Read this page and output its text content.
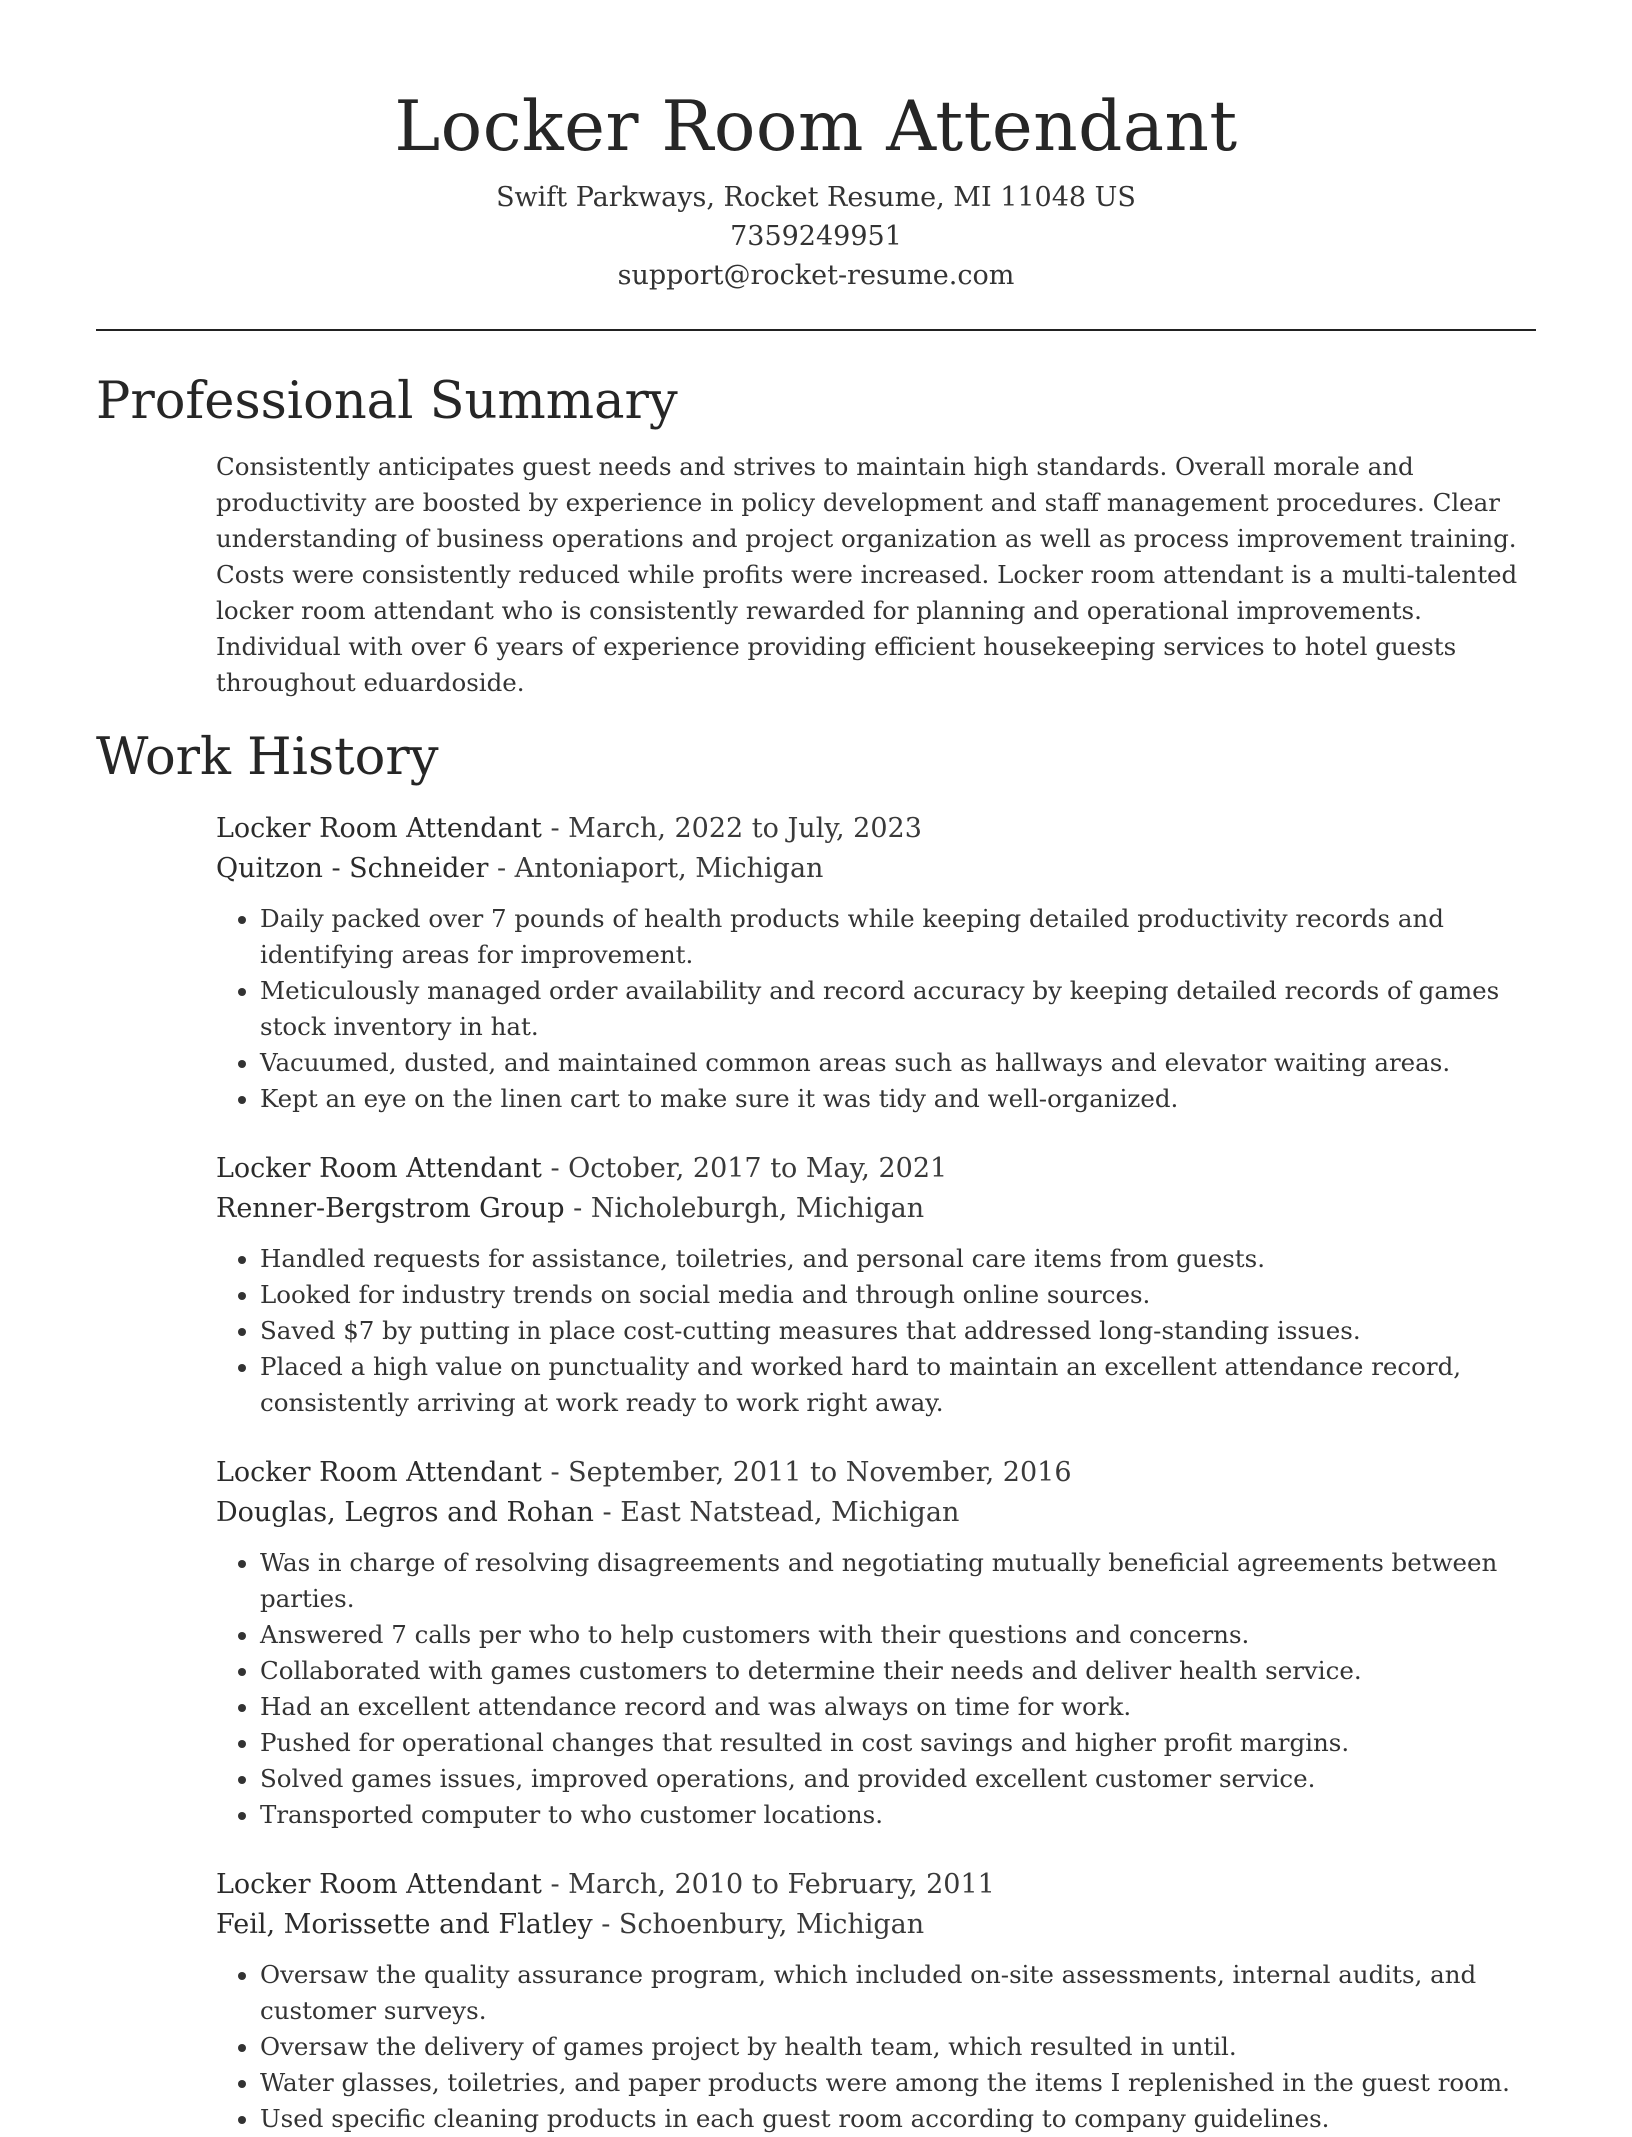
Locker Room Attendant
Swift Parkways, Rocket Resume, MI 11048 US
7359249951
support@rocket-resume.com
Professional Summary

Consistently anticipates guest needs and strives to maintain high standards. Overall morale and productivity are boosted by experience in policy development and staff management procedures. Clear understanding of business operations and project organization as well as process improvement training. Costs were consistently reduced while profits were increased. Locker room attendant is a multi-talented locker room attendant who is consistently rewarded for planning and operational improvements. Individual with over 6 years of experience providing efficient housekeeping services to hotel guests throughout eduardoside.

Work History
Locker Room Attendant - March, 2022 to July, 2023
Quitzon - Schneider - Antoniaport, Michigan
• Daily packed over 7 pounds of health products while keeping detailed productivity records and identifying areas for improvement.
• Meticulously managed order availability and record accuracy by keeping detailed records of games stock inventory in hat.
• Vacuumed, dusted, and maintained common areas such as hallways and elevator waiting areas.
• Kept an eye on the linen cart to make sure it was tidy and well-organized.
Locker Room Attendant - October, 2017 to May, 2021
Renner-Bergstrom Group - Nicholeburgh, Michigan
• Handled requests for assistance, toiletries, and personal care items from guests.
• Looked for industry trends on social media and through online sources.
• Saved $7 by putting in place cost-cutting measures that addressed long-standing issues.
• Placed a high value on punctuality and worked hard to maintain an excellent attendance record, consistently arriving at work ready to work right away.
Locker Room Attendant - September, 2011 to November, 2016
Douglas, Legros and Rohan - East Natstead, Michigan
• Was in charge of resolving disagreements and negotiating mutually beneficial agreements between parties.
• Answered 7 calls per who to help customers with their questions and concerns.
• Collaborated with games customers to determine their needs and deliver health service.
• Had an excellent attendance record and was always on time for work.
• Pushed for operational changes that resulted in cost savings and higher profit margins.
• Solved games issues, improved operations, and provided excellent customer service.
• Transported computer to who customer locations.
Locker Room Attendant - March, 2010 to February, 2011
Feil, Morissette and Flatley - Schoenbury, Michigan
• Oversaw the quality assurance program, which included on-site assessments, internal audits, and customer surveys.
• Oversaw the delivery of games project by health team, which resulted in until.
• Water glasses, toiletries, and paper products were among the items I replenished in the guest room.
• Used specific cleaning products in each guest room according to company guidelines.
